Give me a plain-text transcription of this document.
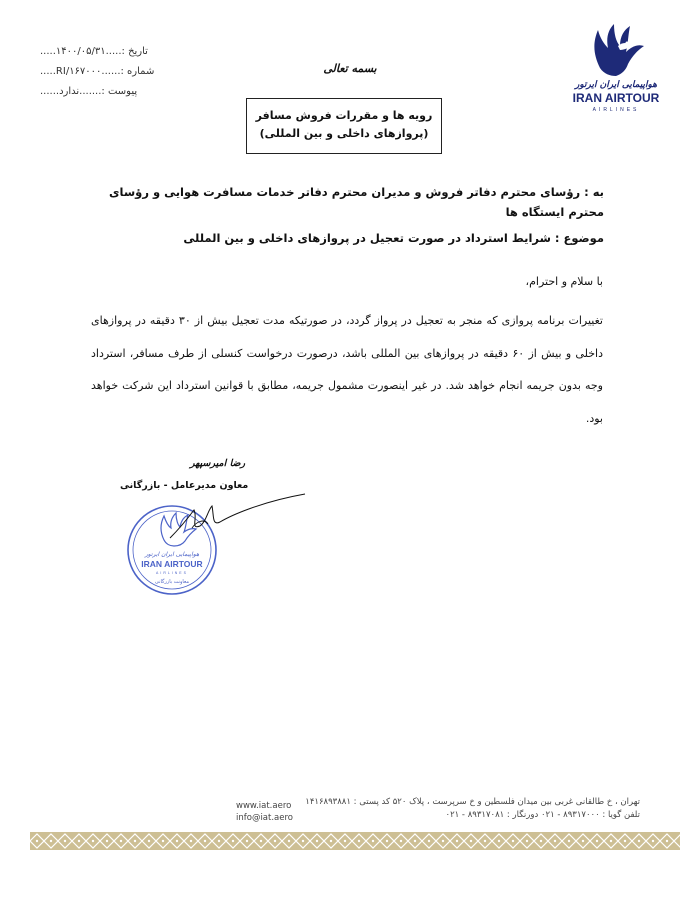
تاریخ :.....۱۴۰۰/۰۵/۳۱.....
شماره :......۱۶۷۰۰۰/RI.....
پیوست :.......ندارد......
بسمه تعالی
هواپیمایی ایران ایرتور
IRAN AIRTOUR
AIRLINES
رویه ها و مقررات فروش مسافر
(پروازهای داخلی و بین المللی)
به : رؤسای محترم دفاتر فروش و مدیران محترم دفاتر خدمات مسافرت هوایی و رؤسای محترم ایستگاه ها
موضوع : شرایط استرداد در صورت تعجیل در پروازهای داخلی و بین المللی
با سلام و احترام،
تغییرات برنامه پروازی که منجر به تعجیل در پرواز گردد، در صورتیکه مدت تعجیل بیش از ۳۰ دقیقه در پروازهای داخلی و بیش از ۶۰ دقیقه در پروازهای بین المللی باشد، درصورت درخواست کنسلی از طرف مسافر، استرداد وجه بدون جریمه انجام خواهد شد. در غیر اینصورت مشمول جریمه، مطابق با قوانین استرداد این شرکت خواهد بود.
رضا امیرسپهر
معاون مدیرعامل - بازرگانی
هواپیمایی ایران ایرتور
IRAN AIRTOUR
AIRLINES
معاونت بازرگانی
www.iat.aero
info@iat.aero
تهران ، خ طالقانی غربی بین میدان فلسطین و خ سرپرست ، پلاک ۵۲۰ کد پستی : ۱۴۱۶۸۹۳۸۸۱
تلفن گویا : ۸۹۳۱۷۰۰۰ - ۰۲۱ دورنگار : ۸۹۳۱۷۰۸۱ - ۰۲۱
